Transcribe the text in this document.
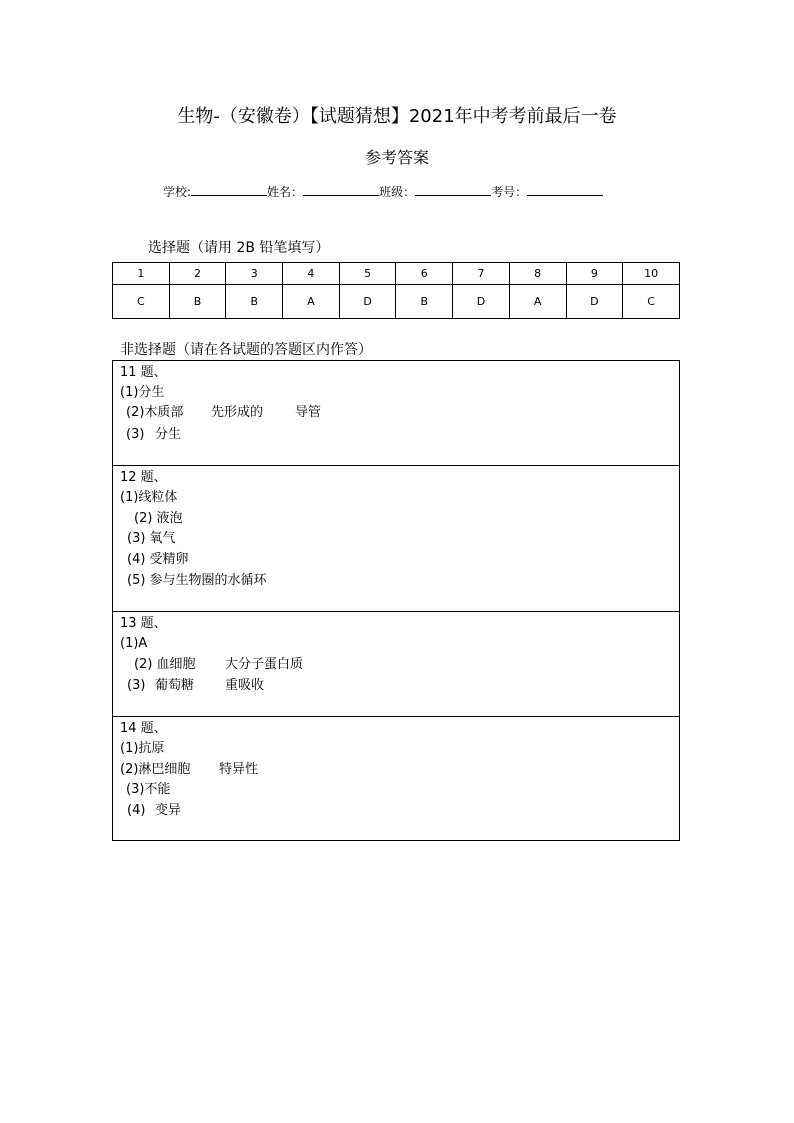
生物-（安徽卷）【试题猜想】2021年中考考前最后一卷
参考答案
学校:	姓名：	班级：	考号：
选择题（请用 2B 铅笔填写）
1	2	3	4	5	6	7	8	9	10
C	B	B	A	D	B	D	A	D	C
非选择题（请在各试题的答题区内作答）
11 题、
(1)分生
(2)木质部 先形成的 导管
(3) 分生
12 题、
(1)线粒体
(2) 液泡
(3) 氧气
(4) 受精卵
(5) 参与生物圈的水循环
13 题、
(1)A
(2) 血细胞 大分子蛋白质
(3) 葡萄糖 重吸收
14 题、
(1)抗原
(2)淋巴细胞 特异性
(3)不能
(4) 变异
